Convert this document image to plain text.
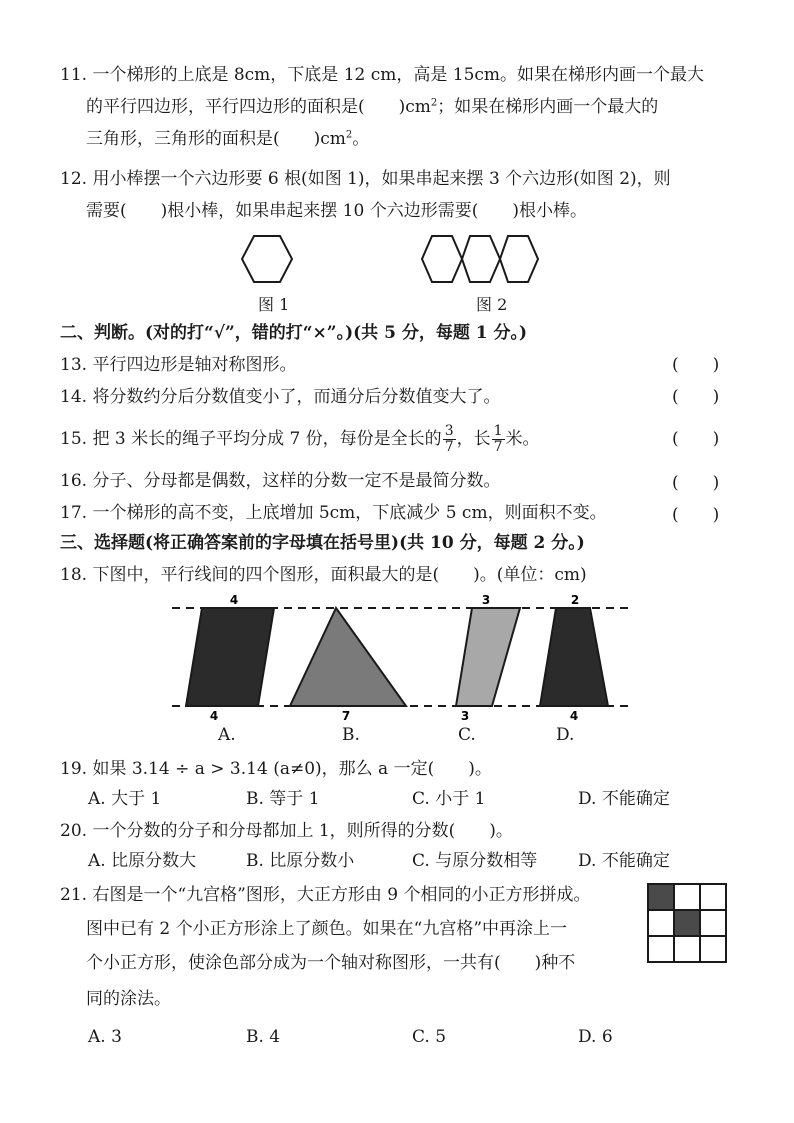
11. 一个梯形的上底是 8cm，下底是 12 cm，高是 15cm。如果在梯形内画一个最大
的平行四边形，平行四边形的面积是(　　)$cm^2$；如果在梯形内画一个最大的
三角形，三角形的面积是(　　)$cm^2$。
12. 用小棒摆一个六边形要 6 根(如图 1)，如果串起来摆 3 个六边形(如图 2)，则
需要(　　)根小棒，如果串起来摆 10 个六边形需要(　　)根小棒。
图 1	图 2
二、判断。(对的打“√”，错的打“×”。)(共 5 分，每题 1 分。)
13. 平行四边形是轴对称图形。	(　　)
14. 将分数约分后分数值变小了，而通分后分数值变大了。	(　　)
15. 把 3 米长的绳子平均分成 7 份，每份是全长的 $\frac{3}{7}$ ，长 $\frac{1}{7}$ 米。	(　　)
16. 分子、分母都是偶数，这样的分数一定不是最简分数。	(　　)
17. 一个梯形的高不变，上底增加 5cm，下底减少 5 cm，则面积不变。	(　　)
三、选择题(将正确答案前的字母填在括号里)(共 10 分，每题 2 分。)
18. 下图中，平行线间的四个图形，面积最大的是(　　)。(单位：cm)
4	3	2
4	7	3	4
A.	B.	C.	D.
19. 如果 3.14 ÷ a > 3.14 (a≠0)，那么 a 一定(　　)。
A. 大于 1	B. 等于 1	C. 小于 1	D. 不能确定
20. 一个分数的分子和分母都加上 1，则所得的分数(　　)。
A. 比原分数大	B. 比原分数小	C. 与原分数相等 D. 不能确定
21. 右图是一个“九宫格”图形，大正方形由 9 个相同的小正方形拼成。
图中已有 2 个小正方形涂上了颜色。如果在“九宫格”中再涂上一
个小正方形，使涂色部分成为一个轴对称图形，一共有(　　)种不
同的涂法。
A. 3	B. 4	C. 5	D. 6
